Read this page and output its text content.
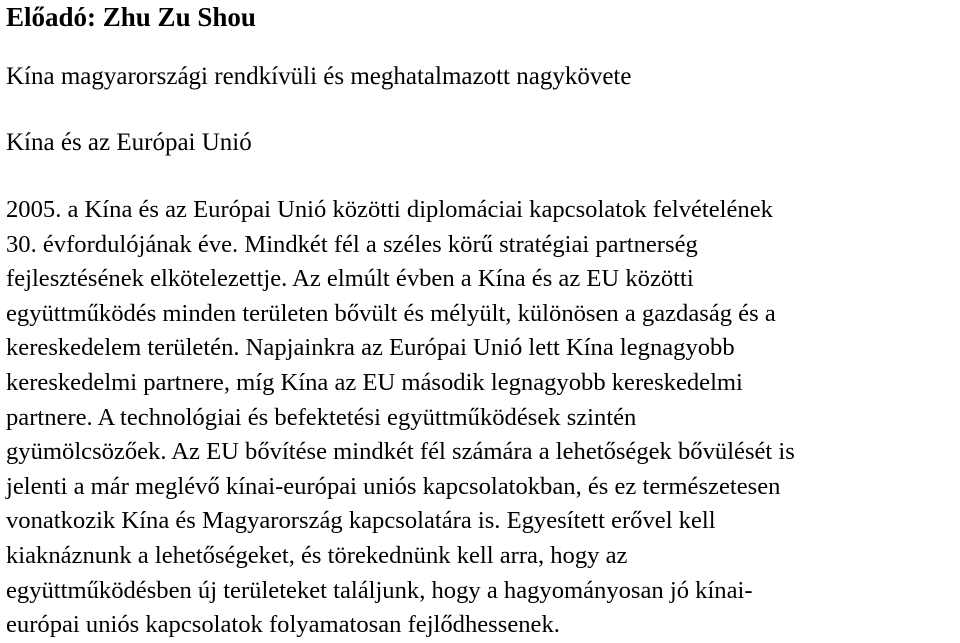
Előadó: Zhu Zu Shou

Kína magyarországi rendkívüli és meghatalmazott nagykövete

Kína és az Európai Unió

2005. a Kína és az Európai Unió közötti diplomáciai kapcsolatok felvételének
30. évfordulójának éve. Mindkét fél a széles körű stratégiai partnerség
fejlesztésének elkötelezettje. Az elmúlt évben a Kína és az EU közötti
együttműködés minden területen bővült és mélyült, különösen a gazdaság és a
kereskedelem területén. Napjainkra az Európai Unió lett Kína legnagyobb
kereskedelmi partnere, míg Kína az EU második legnagyobb kereskedelmi
partnere. A technológiai és befektetési együttműködések szintén
gyümölcsözőek. Az EU bővítése mindkét fél számára a lehetőségek bővülését is
jelenti a már meglévő kínai-európai uniós kapcsolatokban, és ez természetesen
vonatkozik Kína és Magyarország kapcsolatára is. Egyesített erővel kell
kiaknáznunk a lehetőségeket, és törekednünk kell arra, hogy az
együttműködésben új területeket találjunk, hogy a hagyományosan jó kínai-
európai uniós kapcsolatok folyamatosan fejlődhessenek.
